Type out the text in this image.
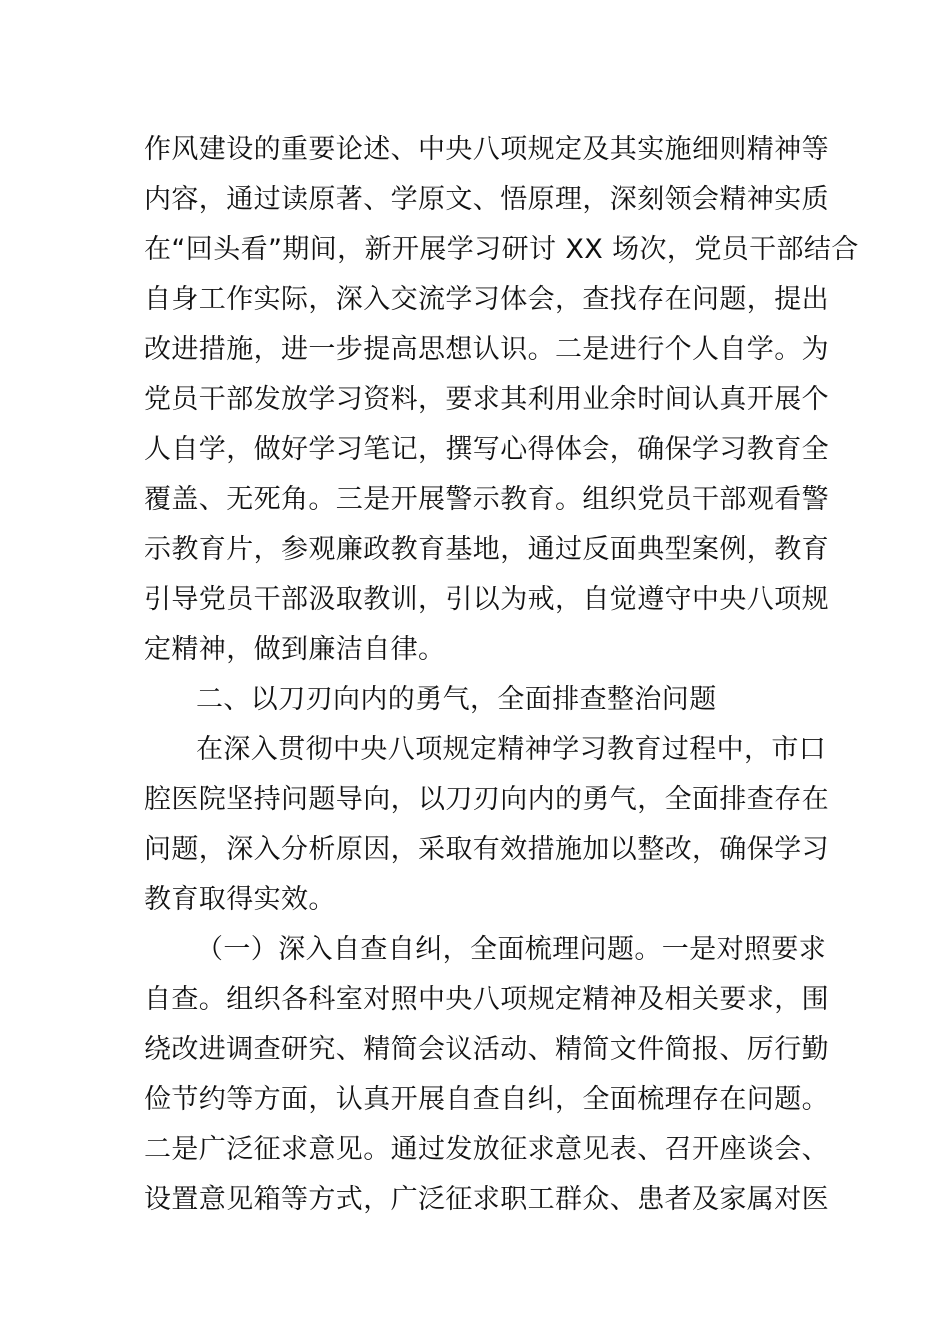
作风建设的重要论述、中央八项规定及其实施细则精神等
内容，通过读原著、学原文、悟原理，深刻领会精神实质
在“回头看”期间，新开展学习研讨 XX 场次，党员干部结合
自身工作实际，深入交流学习体会，查找存在问题，提出
改进措施，进一步提高思想认识。二是进行个人自学。为
党员干部发放学习资料，要求其利用业余时间认真开展个
人自学，做好学习笔记，撰写心得体会，确保学习教育全
覆盖、无死角。三是开展警示教育。组织党员干部观看警
示教育片，参观廉政教育基地，通过反面典型案例，教育
引导党员干部汲取教训，引以为戒，自觉遵守中央八项规
定精神，做到廉洁自律。
二、以刀刃向内的勇气，全面排查整治问题
在深入贯彻中央八项规定精神学习教育过程中，市口
腔医院坚持问题导向，以刀刃向内的勇气，全面排查存在
问题，深入分析原因，采取有效措施加以整改，确保学习
教育取得实效。
（一）深入自查自纠，全面梳理问题。一是对照要求
自查。组织各科室对照中央八项规定精神及相关要求，围
绕改进调查研究、精简会议活动、精简文件简报、厉行勤
俭节约等方面，认真开展自查自纠，全面梳理存在问题。
二是广泛征求意见。通过发放征求意见表、召开座谈会、
设置意见箱等方式，广泛征求职工群众、患者及家属对医
